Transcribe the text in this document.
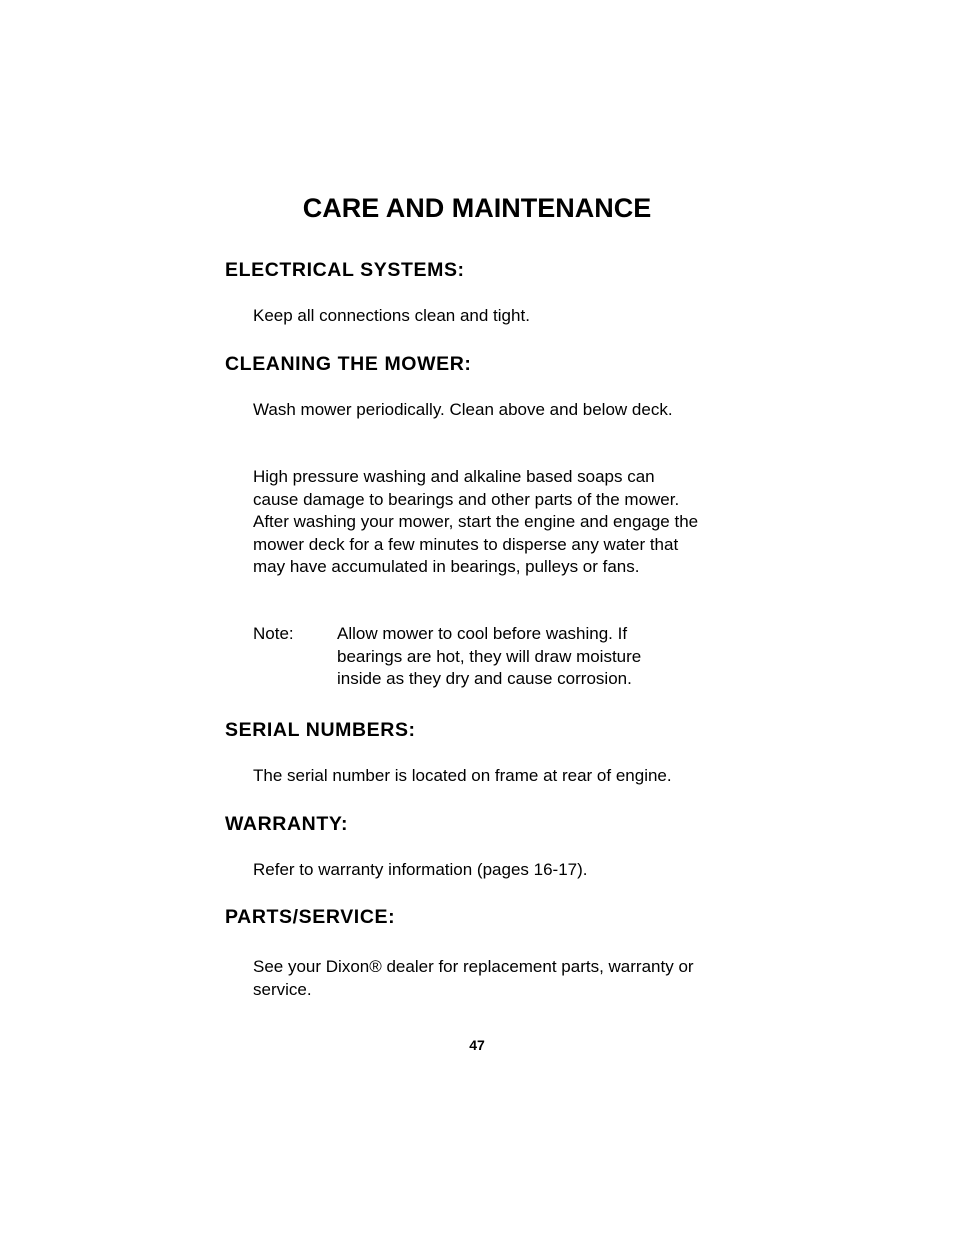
CARE AND MAINTENANCE
ELECTRICAL SYSTEMS:

Keep all connections clean and tight.

CLEANING THE MOWER:

Wash mower periodically. Clean above and below deck.

High pressure washing and alkaline based soaps can cause damage to bearings and other parts of the mower. After washing your mower, start the engine and engage the mower deck for a few minutes to disperse any water that may have accumulated in bearings, pulleys or fans.

Note:	Allow mower to cool before washing. If bearings are hot, they will draw moisture inside as they dry and cause corrosion.

SERIAL NUMBERS:

The serial number is located on frame at rear of engine.

WARRANTY:

Refer to warranty information (pages 16-17).

PARTS/SERVICE:

See your Dixon® dealer for replacement parts, warranty or service.

47
